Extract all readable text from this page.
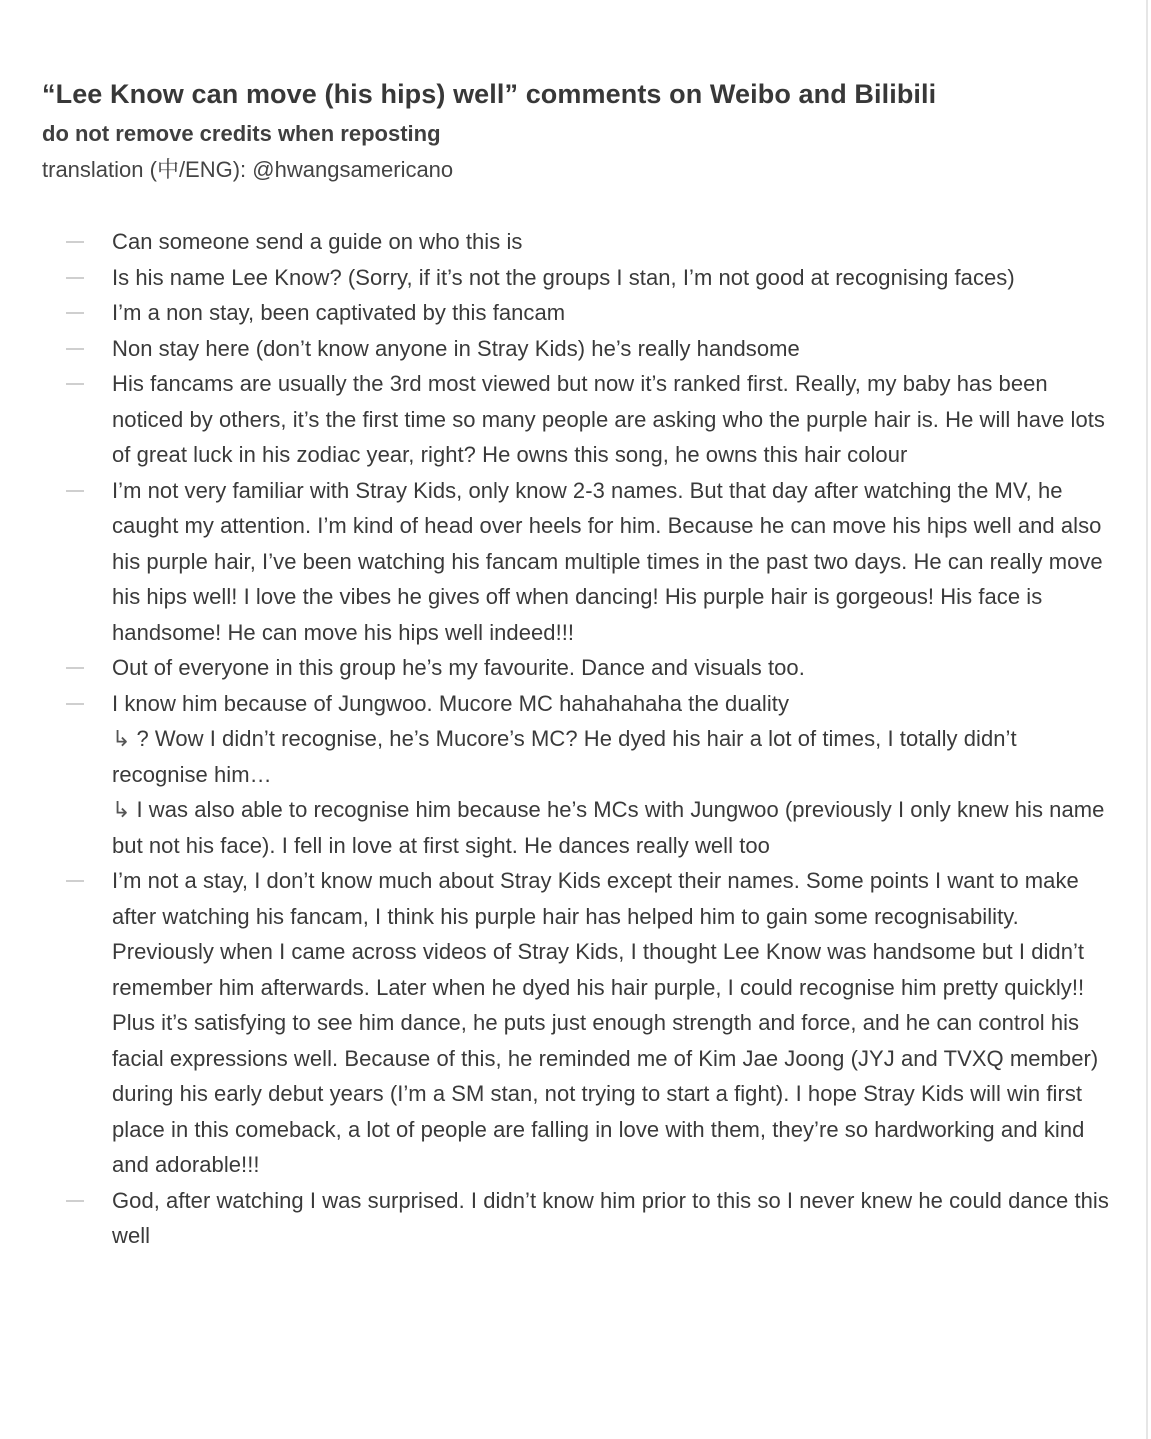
“Lee Know can move (his hips) well” comments on Weibo and Bilibili

do not remove credits when reposting

translation (中/ENG): @hwangsamericano

Can someone send a guide on who this is
Is his name Lee Know? (Sorry, if it’s not the groups I stan, I’m not good at recognising faces)
I’m a non stay, been captivated by this fancam
Non stay here (don’t know anyone in Stray Kids) he’s really handsome
His fancams are usually the 3rd most viewed but now it’s ranked first. Really, my baby has been noticed by others, it’s the first time so many people are asking who the purple hair is. He will have lots of great luck in his zodiac year, right? He owns this song, he owns this hair colour
I’m not very familiar with Stray Kids, only know 2-3 names. But that day after watching the MV, he caught my attention. I’m kind of head over heels for him. Because he can move his hips well and also his purple hair, I’ve been watching his fancam multiple times in the past two days. He can really move his hips well! I love the vibes he gives off when dancing! His purple hair is gorgeous! His face is handsome! He can move his hips well indeed!!!
Out of everyone in this group he’s my favourite. Dance and visuals too.
I know him because of Jungwoo. Mucore MC hahahahaha the duality
↳ ? Wow I didn’t recognise, he’s Mucore’s MC? He dyed his hair a lot of times, I totally didn’t recognise him…
↳ I was also able to recognise him because he’s MCs with Jungwoo (previously I only knew his name but not his face). I fell in love at first sight. He dances really well too
I’m not a stay, I don’t know much about Stray Kids except their names. Some points I want to make after watching his fancam, I think his purple hair has helped him to gain some recognisability. Previously when I came across videos of Stray Kids, I thought Lee Know was handsome but I didn’t remember him afterwards. Later when he dyed his hair purple, I could recognise him pretty quickly!! Plus it’s satisfying to see him dance, he puts just enough strength and force, and he can control his facial expressions well. Because of this, he reminded me of Kim Jae Joong (JYJ and TVXQ member) during his early debut years (I’m a SM stan, not trying to start a fight). I hope Stray Kids will win first place in this comeback, a lot of people are falling in love with them, they’re so hardworking and kind and adorable!!!
God, after watching I was surprised. I didn’t know him prior to this so I never knew he could dance this well
